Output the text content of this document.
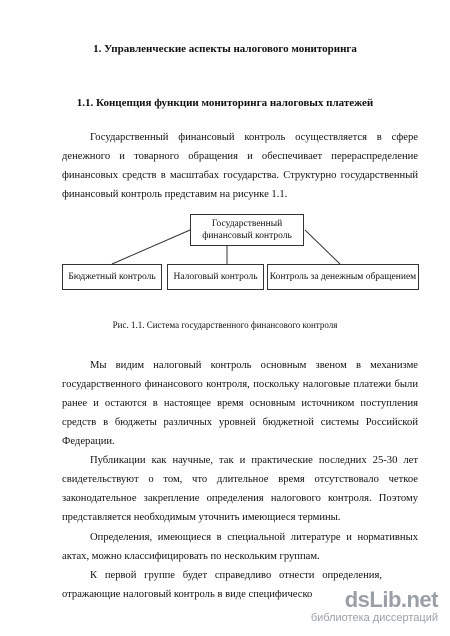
1. Управленческие аспекты налогового мониторинга
1.1. Концепция функции мониторинга налоговых платежей
Государственный финансовый контроль осуществляется в сфере денежного и товарного обращения и обеспечивает перераспределение финансовых средств в масштабах государства. Структурно государственный финансовый контроль представим на рисунке 1.1.
Государственный финансовый контроль
Бюджетный контроль Налоговый контроль Контроль за денежным обращением
Рис. 1.1. Система государственного финансового контроля
Мы видим налоговый контроль основным звеном в механизме государственного финансового контроля, поскольку налоговые платежи были ранее и остаются в настоящее время основным источником поступления средств в бюджеты различных уровней бюджетной системы Российской Федерации.
Публикации как научные, так и практические последних 25-30 лет свидетельствуют о том, что длительное время отсутствовало четкое законодательное закрепление определения налогового контроля. Поэтому представляется необходимым уточнить имеющиеся термины.
Определения, имеющиеся в специальной литературе и нормативных актах, можно классифицировать по нескольким группам.
К первой группе будет справедливо отнести определения, отражающие налоговый контроль в виде специфическо	dsLib.net
библиотека диссертаций
